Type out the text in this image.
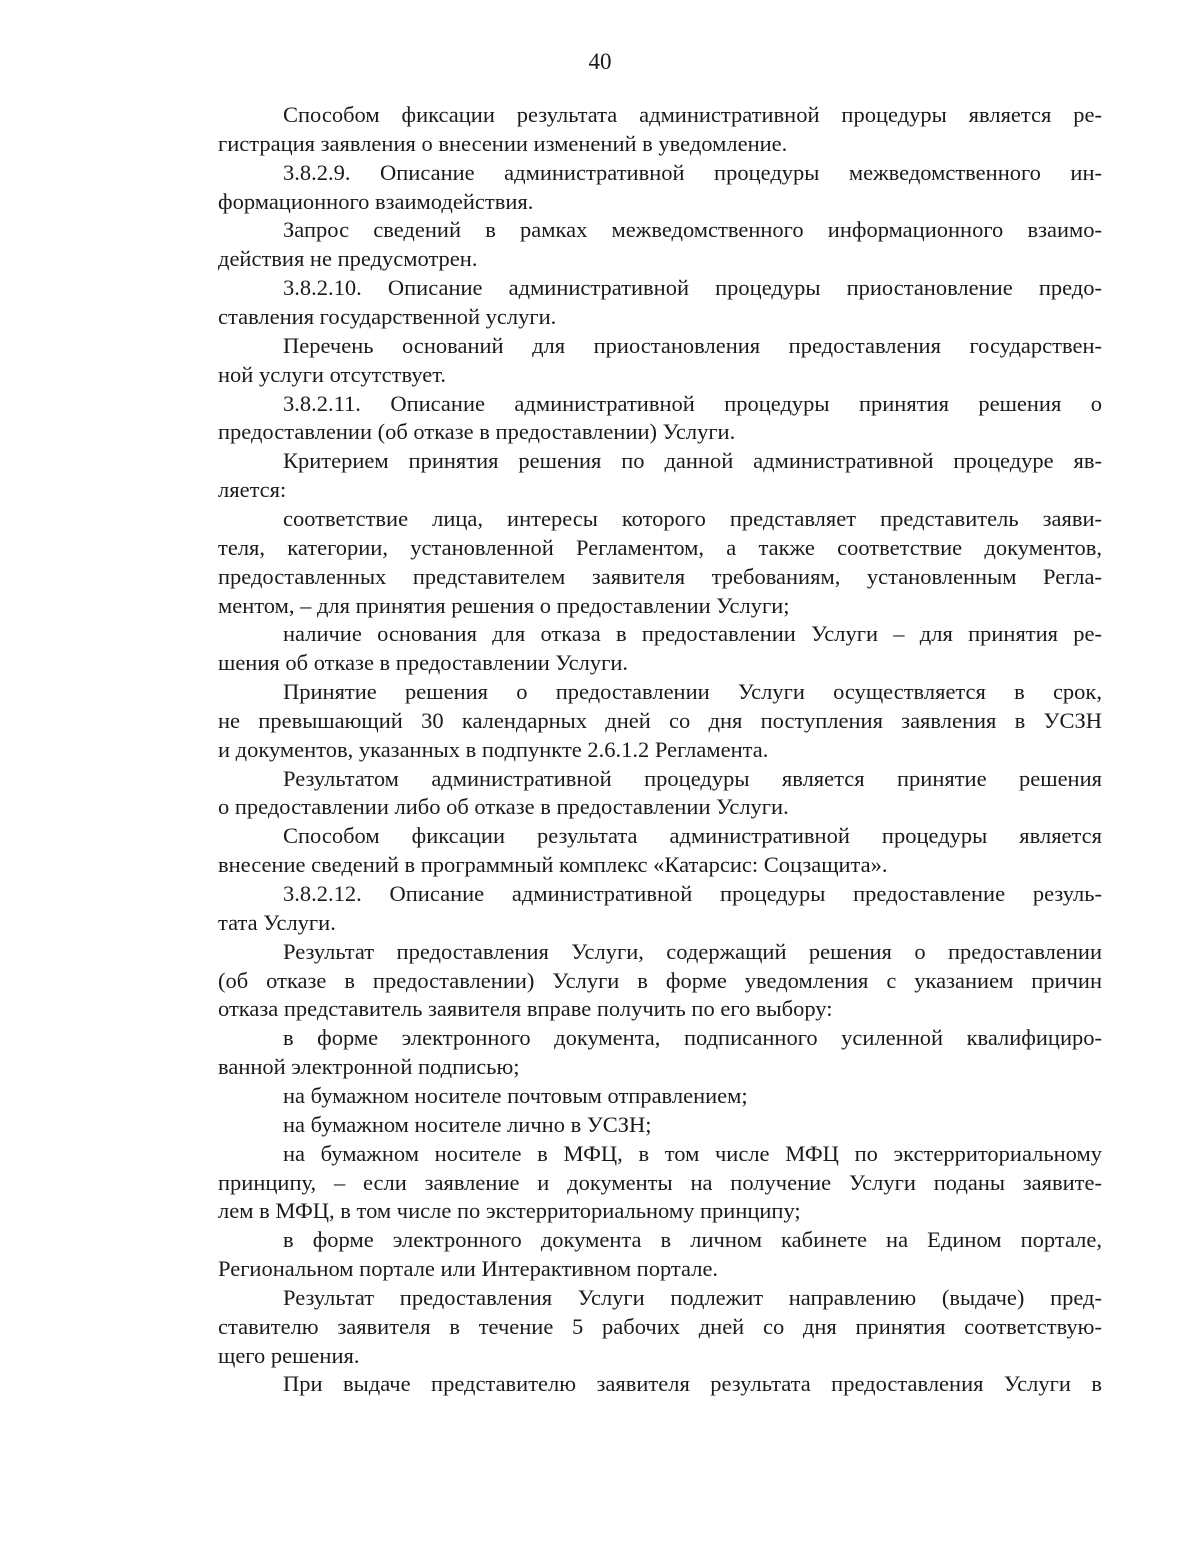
40
Способом фиксации результата административной процедуры является ре-
гистрация заявления о внесении изменений в уведомление.
3.8.2.9. Описание административной процедуры межведомственного ин-
формационного взаимодействия.
Запрос сведений в рамках межведомственного информационного взаимо-
действия не предусмотрен.
3.8.2.10. Описание административной процедуры приостановление предо-
ставления государственной услуги.
Перечень оснований для приостановления предоставления государствен-
ной услуги отсутствует.
3.8.2.11. Описание административной процедуры принятия решения о
предоставлении (об отказе в предоставлении) Услуги.
Критерием принятия решения по данной административной процедуре яв-
ляется:
соответствие лица, интересы которого представляет представитель заяви-
теля, категории, установленной Регламентом, а также соответствие документов,
предоставленных представителем заявителя требованиям, установленным Регла-
ментом, – для принятия решения о предоставлении Услуги;
наличие основания для отказа в предоставлении Услуги – для принятия ре-
шения об отказе в предоставлении Услуги.
Принятие решения о предоставлении Услуги осуществляется в срок,
не превышающий 30 календарных дней со дня поступления заявления в УСЗН
и документов, указанных в подпункте 2.6.1.2 Регламента.
Результатом административной процедуры является принятие решения
о предоставлении либо об отказе в предоставлении Услуги.
Способом фиксации результата административной процедуры является
внесение сведений в программный комплекс «Катарсис: Соцзащита».
3.8.2.12. Описание административной процедуры предоставление резуль-
тата Услуги.
Результат предоставления Услуги, содержащий решения о предоставлении
(об отказе в предоставлении) Услуги в форме уведомления с указанием причин
отказа представитель заявителя вправе получить по его выбору:
в форме электронного документа, подписанного усиленной квалифициро-
ванной электронной подписью;
на бумажном носителе почтовым отправлением;
на бумажном носителе лично в УСЗН;
на бумажном носителе в МФЦ, в том числе МФЦ по экстерриториальному
принципу, – если заявление и документы на получение Услуги поданы заявите-
лем в МФЦ, в том числе по экстерриториальному принципу;
в форме электронного документа в личном кабинете на Едином портале,
Региональном портале или Интерактивном портале.
Результат предоставления Услуги подлежит направлению (выдаче) пред-
ставителю заявителя в течение 5 рабочих дней со дня принятия соответствую-
щего решения.
При выдаче представителю заявителя результата предоставления Услуги в
